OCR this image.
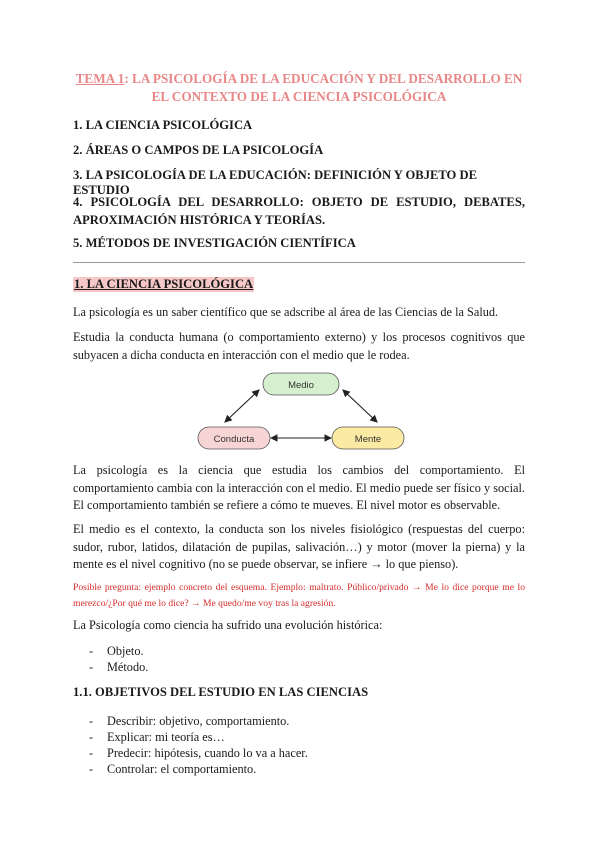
TEMA 1: LA PSICOLOGÍA DE LA EDUCACIÓN Y DEL DESARROLLO EN EL CONTEXTO DE LA CIENCIA PSICOLÓGICA
1. LA CIENCIA PSICOLÓGICA
2. ÁREAS O CAMPOS DE LA PSICOLOGÍA
3. LA PSICOLOGÍA DE LA EDUCACIÓN: DEFINICIÓN Y OBJETO DE ESTUDIO
4. PSICOLOGÍA DEL DESARROLLO: OBJETO DE ESTUDIO, DEBATES, APROXIMACIÓN HISTÓRICA Y TEORÍAS.
5. MÉTODOS DE INVESTIGACIÓN CIENTÍFICA
1. LA CIENCIA PSICOLÓGICA
La psicología es un saber científico que se adscribe al área de las Ciencias de la Salud.
Estudia la conducta humana (o comportamiento externo) y los procesos cognitivos que subyacen a dicha conducta en interacción con el medio que le rodea.
Medio
Conducta	Mente
La psicología es la ciencia que estudia los cambios del comportamiento. El comportamiento cambia con la interacción con el medio. El medio puede ser físico y social. El comportamiento también se refiere a cómo te mueves. El nivel motor es observable.
El medio es el contexto, la conducta son los niveles fisiológico (respuestas del cuerpo: sudor, rubor, latidos, dilatación de pupilas, salivación…) y motor (mover la pierna) y la mente es el nivel cognitivo (no se puede observar, se infiere → lo que pienso).
Posible pregunta: ejemplo concreto del esquema. Ejemplo: maltrato. Público/privado → Me lo dice porque me lo merezco/¿Por qué me lo dice? → Me quedo/me voy tras la agresión.
La Psicología como ciencia ha sufrido una evolución histórica:
- Objeto.
- Método.
1.1. OBJETIVOS DEL ESTUDIO EN LAS CIENCIAS
- Describir: objetivo, comportamiento.
- Explicar: mi teoría es…
- Predecir: hipótesis, cuando lo va a hacer.
- Controlar: el comportamiento.
